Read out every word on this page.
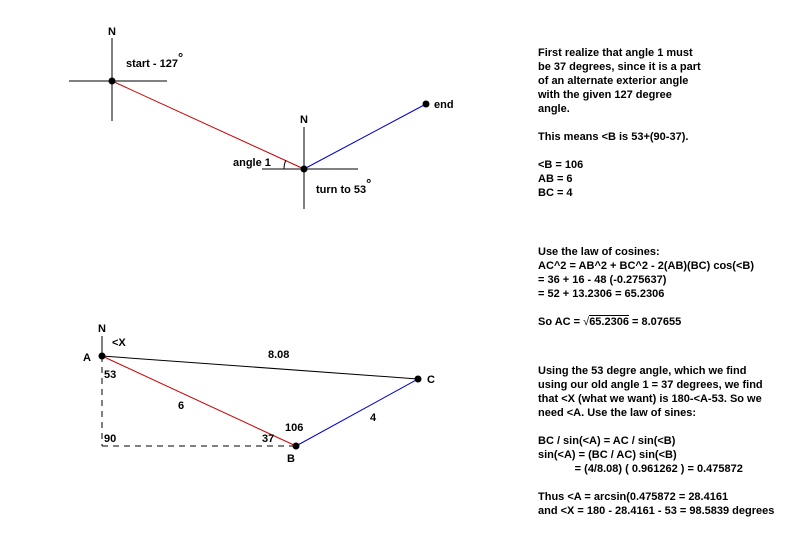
N
N
start - 127°
end
angle 1
turn to 53°
N
<X
A
B
C
8.08
6
4
53
106
37
90
First realize that angle 1 must
be 37 degrees, since it is a part
of an alternate exterior angle
with the given 127 degree
angle.
This means <B is 53+(90-37).
<B = 106
AB = 6
BC = 4
Use the law of cosines:
AC^2 = AB^2 + BC^2 - 2(AB)(BC) cos(<B)
= 36 + 16 - 48 (-0.275637)
= 52 + 13.2306 = 65.2306
So AC = √65.2306 = 8.07655
Using the 53 degre angle, which we find
using our old angle 1 = 37 degrees, we find
that <X (what we want) is 180-<A-53. So we
need <A. Use the law of sines:
BC / sin(<A) = AC / sin(<B)
sin(<A) = (BC / AC) sin(<B)
= (4/8.08) ( 0.961262 ) = 0.475872
Thus <A = arcsin(0.475872 = 28.4161
and <X = 180 - 28.4161 - 53 = 98.5839 degrees
